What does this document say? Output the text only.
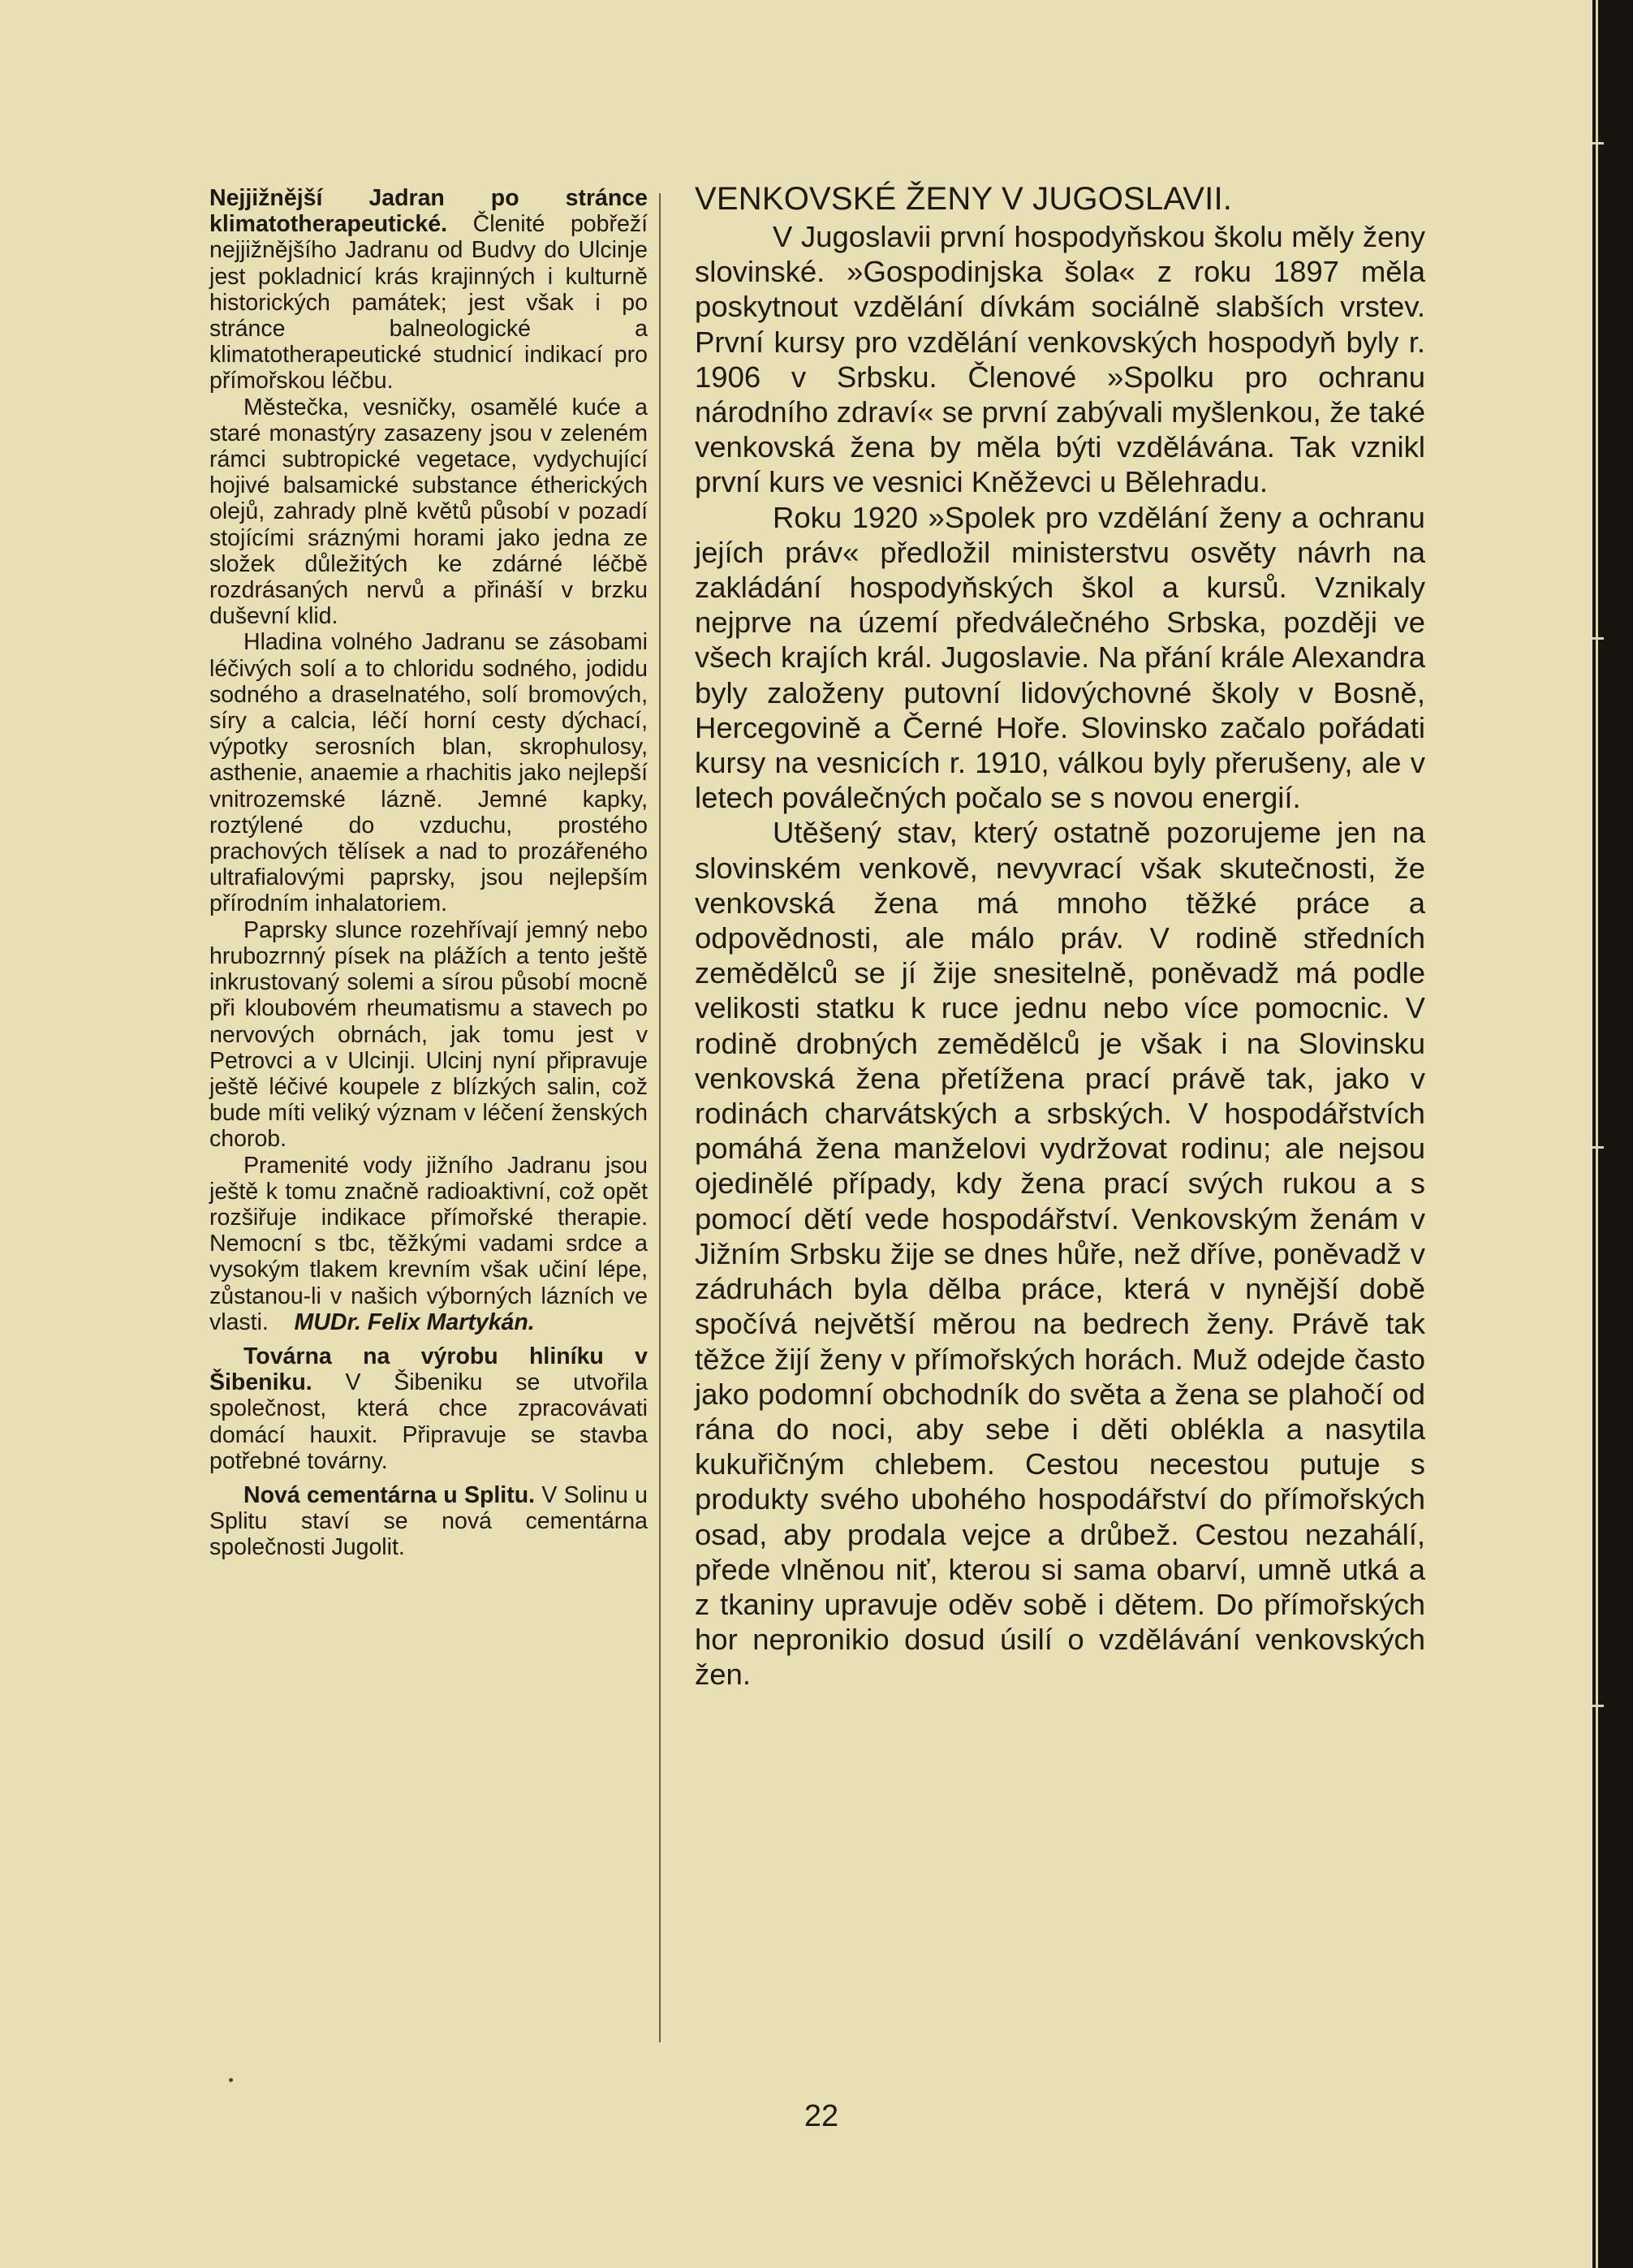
Nejjižnější Jadran po stránce klimatotherapeutické. Členité pobřeží nejjižnějšího Jadranu od Budvy do Ulcinje jest pokladnicí krás krajinných i kulturně historických památek; jest však i po stránce balneologické a klimatotherapeutické studnicí indikací pro přímořskou léčbu.

Městečka, vesničky, osamělé kuće a staré monastýry zasazeny jsou v zeleném rámci subtropické vegetace, vydychující hojivé balsamické substance étherických olejů, zahrady plně květů působí v pozadí stojícími sráznými horami jako jedna ze složek důležitých ke zdárné léčbě rozdrásaných nervů a přináší v brzku duševní klid.

Hladina volného Jadranu se zásobami léčivých solí a to chloridu sodného, jodidu sodného a draselnatého, solí bromových, síry a calcia, léčí horní cesty dýchací, výpotky serosních blan, skrophulosy, asthenie, anaemie a rhachitis jako nejlepší vnitrozemské lázně. Jemné kapky, roztýlené do vzduchu, prostého prachových tělísek a nad to prozářeného ultrafialovými paprsky, jsou nejlepším přírodním inhalatoriem.

Paprsky slunce rozehřívají jemný nebo hrubozrnný písek na plážích a tento ještě inkrustovaný solemi a sírou působí mocně při kloubovém rheumatismu a stavech po nervových obrnách, jak tomu jest v Petrovci a v Ulcinji. Ulcinj nyní připravuje ještě léčivé koupele z blízkých salin, což bude míti veliký význam v léčení ženských chorob.

Pramenité vody jižního Jadranu jsou ještě k tomu značně radioaktivní, což opět rozšiřuje indikace přímořské therapie. Nemocní s tbc, těžkými vadami srdce a vysokým tlakem krevním však učiní lépe, zůstanou-li v našich výborných lázních ve vlasti. MUDr. Felix Martykán.

Továrna na výrobu hliníku v Šibeniku. V Šibeniku se utvořila společnost, která chce zpracovávati domácí hauxit. Připravuje se stavba potřebné továrny.

Nová cementárna u Splitu. V Solinu u Splitu staví se nová cementárna společnosti Jugolit.

VENKOVSKÉ ŽENY V JUGOSLAVII.

V Jugoslavii první hospodyňskou školu měly ženy slovinské. »Gospodinjska šola« z roku 1897 měla poskytnout vzdělání dívkám sociálně slabších vrstev. První kursy pro vzdělání venkovských hospodyň byly r. 1906 v Srbsku. Členové »Spolku pro ochranu národního zdraví« se první zabývali myšlenkou, že také venkovská žena by měla býti vzdělávána. Tak vznikl první kurs ve vesnici Kněževci u Bělehradu.

Roku 1920 »Spolek pro vzdělání ženy a ochranu jejích práv« předložil ministerstvu osvěty návrh na zakládání hospodyňských škol a kursů. Vznikaly nejprve na území předválečného Srbska, později ve všech krajích král. Jugoslavie. Na přání krále Alexandra byly založeny putovní lidovýchovné školy v Bosně, Hercegovině a Černé Hoře. Slovinsko začalo pořádati kursy na vesnicích r. 1910, válkou byly přerušeny, ale v letech poválečných počalo se s novou energií.

Utěšený stav, který ostatně pozorujeme jen na slovinském venkově, nevyvrací však skutečnosti, že venkovská žena má mnoho těžké práce a odpovědnosti, ale málo práv. V rodině středních zemědělců se jí žije snesitelně, poněvadž má podle velikosti statku k ruce jednu nebo více pomocnic. V rodině drobných zemědělců je však i na Slovinsku venkovská žena přetížena prací právě tak, jako v rodinách charvátských a srbských. V hospodářstvích pomáhá žena manželovi vydržovat rodinu; ale nejsou ojedinělé případy, kdy žena prací svých rukou a s pomocí dětí vede hospodářství. Venkovským ženám v Jižním Srbsku žije se dnes hůře, než dříve, poněvadž v zádruhách byla dělba práce, která v nynější době spočívá největší měrou na bedrech ženy. Právě tak těžce žijí ženy v přímořských horách. Muž odejde často jako podomní obchodník do světa a žena se plahočí od rána do noci, aby sebe i děti oblékla a nasytila kukuřičným chlebem. Cestou necestou putuje s produkty svého ubohého hospodářství do přímořských osad, aby prodala vejce a drůbež. Cestou nezahálí, přede vlněnou niť, kterou si sama obarví, umně utká a z tkaniny upravuje oděv sobě i dětem. Do přímořských hor nepronikio dosud úsilí o vzdělávání venkovských žen.

22
